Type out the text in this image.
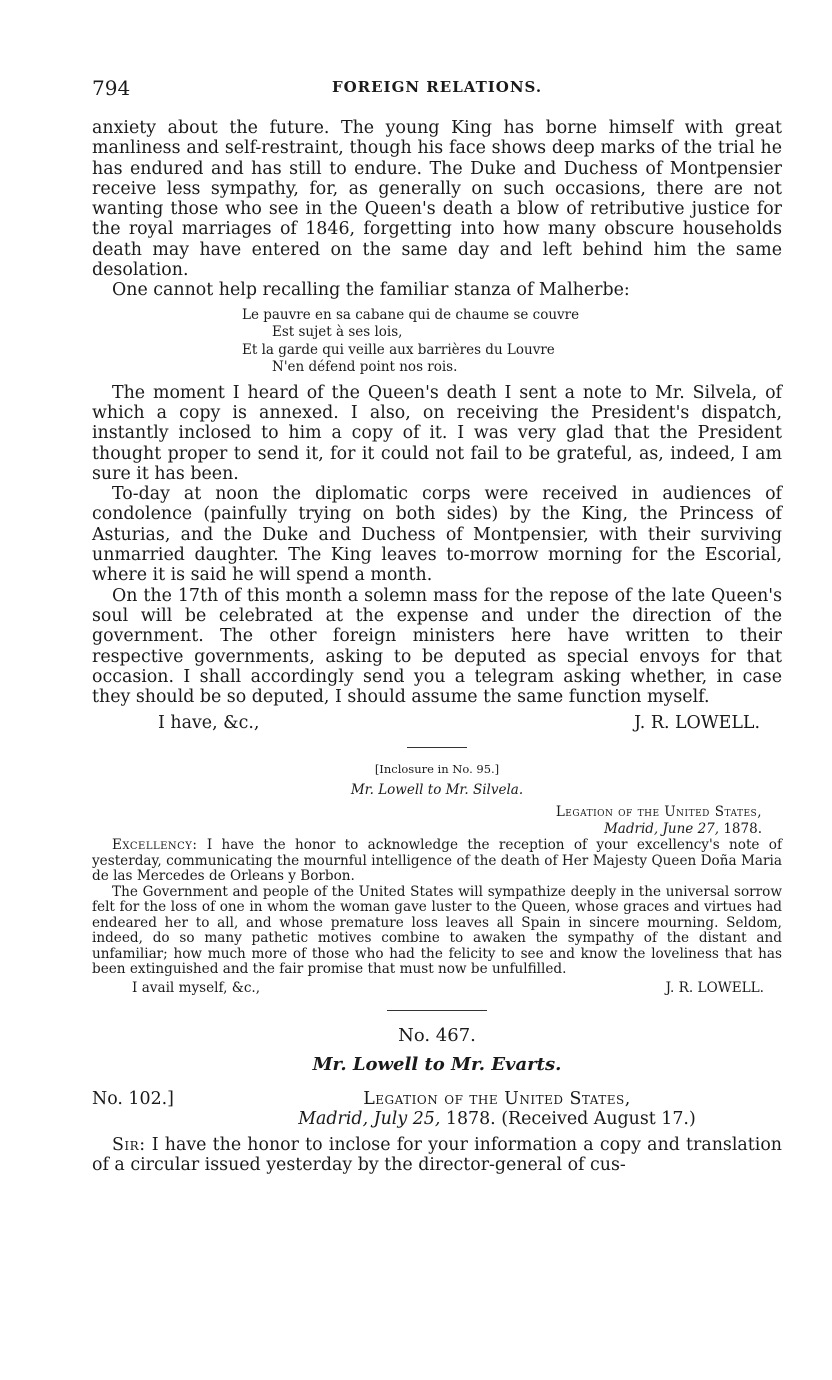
794	FOREIGN RELATIONS.

anxiety about the future. The young King has borne himself with great manliness and self-restraint, though his face shows deep marks of the trial he has endured and has still to endure. The Duke and Duchess of Montpensier receive less sympathy, for, as generally on such occasions, there are not wanting those who see in the Queen's death a blow of retributive justice for the royal marriages of 1846, forgetting into how many obscure households death may have entered on the same day and left behind him the same desolation.

One cannot help recalling the familiar stanza of Malherbe:

Le pauvre en sa cabane qui de chaume se couvre
Est sujet à ses lois,
Et la garde qui veille aux barrières du Louvre
N'en défend point nos rois.

The moment I heard of the Queen's death I sent a note to Mr. Silvela, of which a copy is annexed. I also, on receiving the President's dispatch, instantly inclosed to him a copy of it. I was very glad that the President thought proper to send it, for it could not fail to be grateful, as, indeed, I am sure it has been.

To-day at noon the diplomatic corps were received in audiences of condolence (painfully trying on both sides) by the King, the Princess of Asturias, and the Duke and Duchess of Montpensier, with their surviving unmarried daughter. The King leaves to-morrow morning for the Escorial, where it is said he will spend a month.

On the 17th of this month a solemn mass for the repose of the late Queen's soul will be celebrated at the expense and under the direction of the government. The other foreign ministers here have written to their respective governments, asking to be deputed as special envoys for that occasion. I shall accordingly send you a telegram asking whether, in case they should be so deputed, I should assume the same function myself.

I have, &c.,	J. R. LOWELL.
[Inclosure in No. 95.]
Mr. Lowell to Mr. Silvela.
Legation of the United States,
Madrid, June 27, 1878.

Excellency: I have the honor to acknowledge the reception of your excellency's note of yesterday, communicating the mournful intelligence of the death of Her Majesty Queen Doña Maria de las Mercedes de Orleans y Borbon.

The Government and people of the United States will sympathize deeply in the universal sorrow felt for the loss of one in whom the woman gave luster to the Queen, whose graces and virtues had endeared her to all, and whose premature loss leaves all Spain in sincere mourning. Seldom, indeed, do so many pathetic motives combine to awaken the sympathy of the distant and unfamiliar; how much more of those who had the felicity to see and know the loveliness that has been extinguished and the fair promise that must now be unfulfilled.

I avail myself, &c.,	J. R. LOWELL.
No. 467.
Mr. Lowell to Mr. Evarts.
No. 102.]	Legation of the United States,
Madrid, July 25, 1878. (Received August 17.)

Sir: I have the honor to inclose for your information a copy and translation of a circular issued yesterday by the director-general of cus-
